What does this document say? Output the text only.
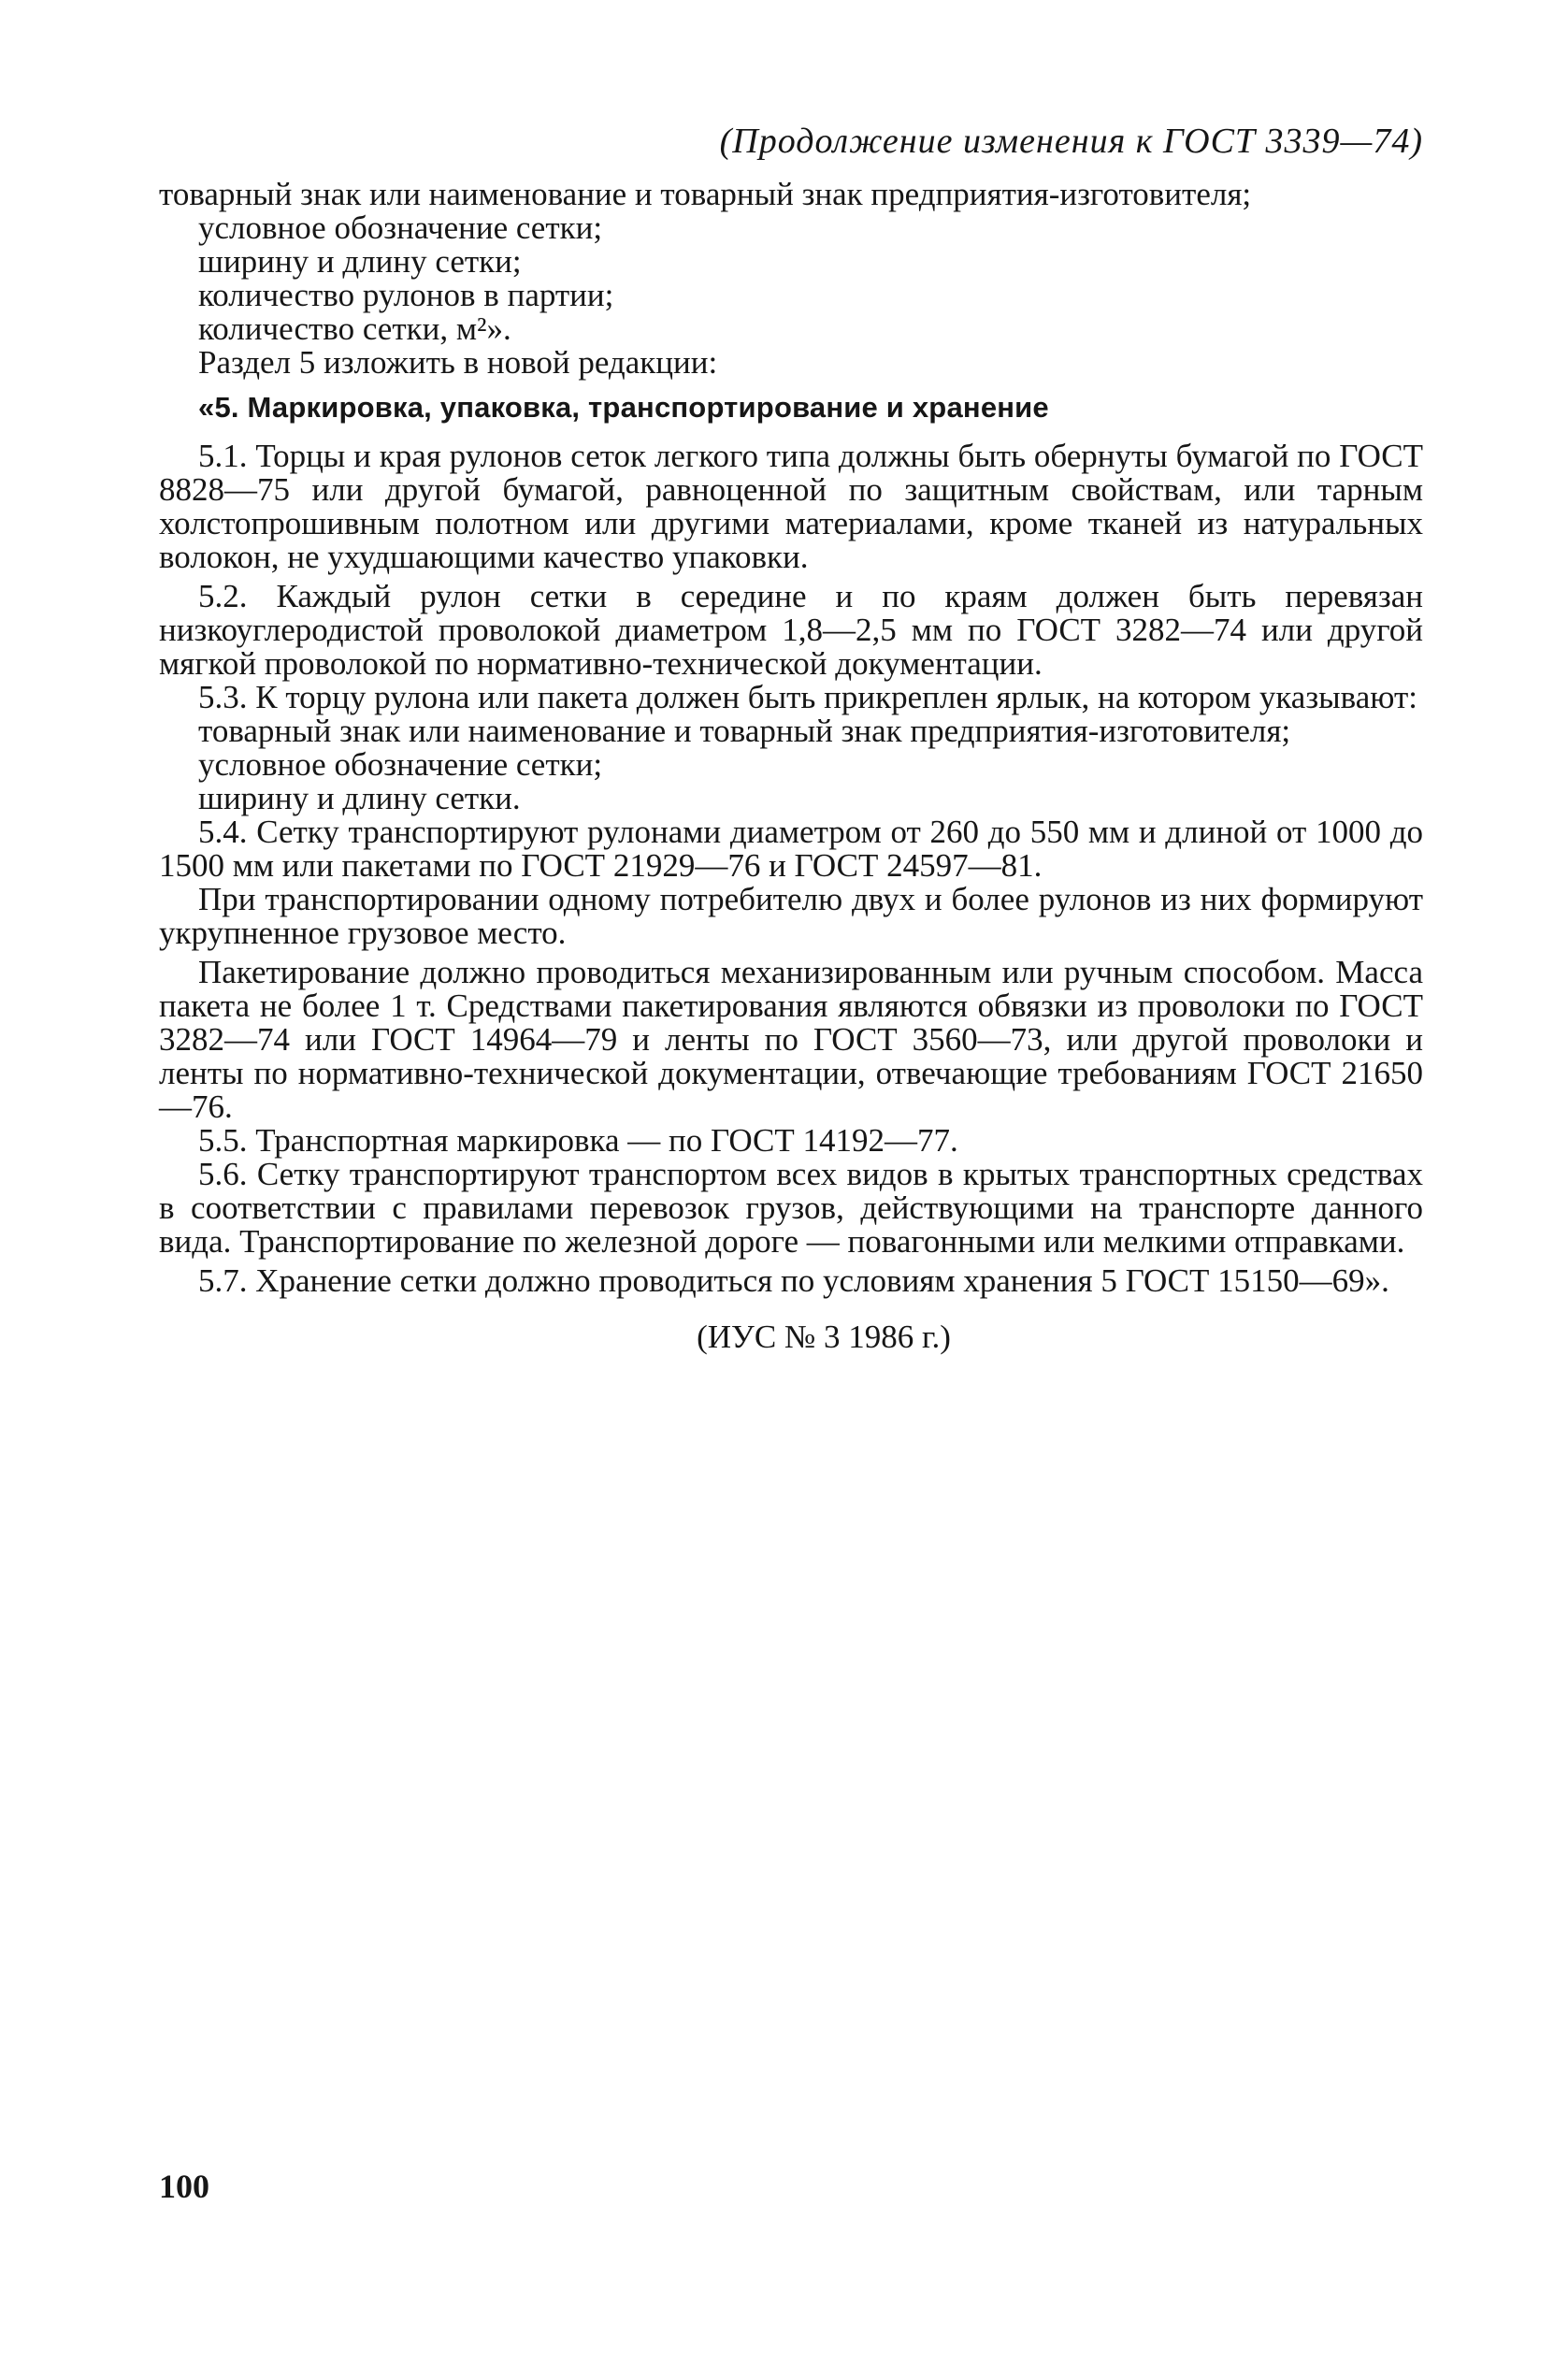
(Продолжение изменения к ГОСТ 3339—74)

товарный знак или наименование и товарный знак предприятия-изготовителя;

условное обозначение сетки;

ширину и длину сетки;

количество рулонов в партии;

количество сетки, м²».

Раздел 5 изложить в новой редакции:

«5. Маркировка, упаковка, транспортирование и хранение

5.1. Торцы и края рулонов сеток легкого типа должны быть обернуты бумагой по ГОСТ 8828—75 или другой бумагой, равноценной по защитным свойствам, или тарным холстопрошивным полотном или другими материалами, кроме тканей из натуральных волокон, не ухудшающими качество упаковки.

5.2. Каждый рулон сетки в середине и по краям должен быть перевязан низкоуглеродистой проволокой диаметром 1,8—2,5 мм по ГОСТ 3282—74 или другой мягкой проволокой по нормативно-технической документации.

5.3. К торцу рулона или пакета должен быть прикреплен ярлык, на котором указывают:

товарный знак или наименование и товарный знак предприятия-изготовителя;

условное обозначение сетки;

ширину и длину сетки.

5.4. Сетку транспортируют рулонами диаметром от 260 до 550 мм и длиной от 1000 до 1500 мм или пакетами по ГОСТ 21929—76 и ГОСТ 24597—81.

При транспортировании одному потребителю двух и более рулонов из них формируют укрупненное грузовое место.

Пакетирование должно проводиться механизированным или ручным способом. Масса пакета не более 1 т. Средствами пакетирования являются обвязки из проволоки по ГОСТ 3282—74 или ГОСТ 14964—79 и ленты по ГОСТ 3560—73, или другой проволоки и ленты по нормативно-технической документации, отвечающие требованиям ГОСТ 21650—76.

5.5. Транспортная маркировка — по ГОСТ 14192—77.

5.6. Сетку транспортируют транспортом всех видов в крытых транспортных средствах в соответствии с правилами перевозок грузов, действующими на транспорте данного вида. Транспортирование по железной дороге — повагонными или мелкими отправками.

5.7. Хранение сетки должно проводиться по условиям хранения 5 ГОСТ 15150—69».

(ИУС № 3 1986 г.)

100
